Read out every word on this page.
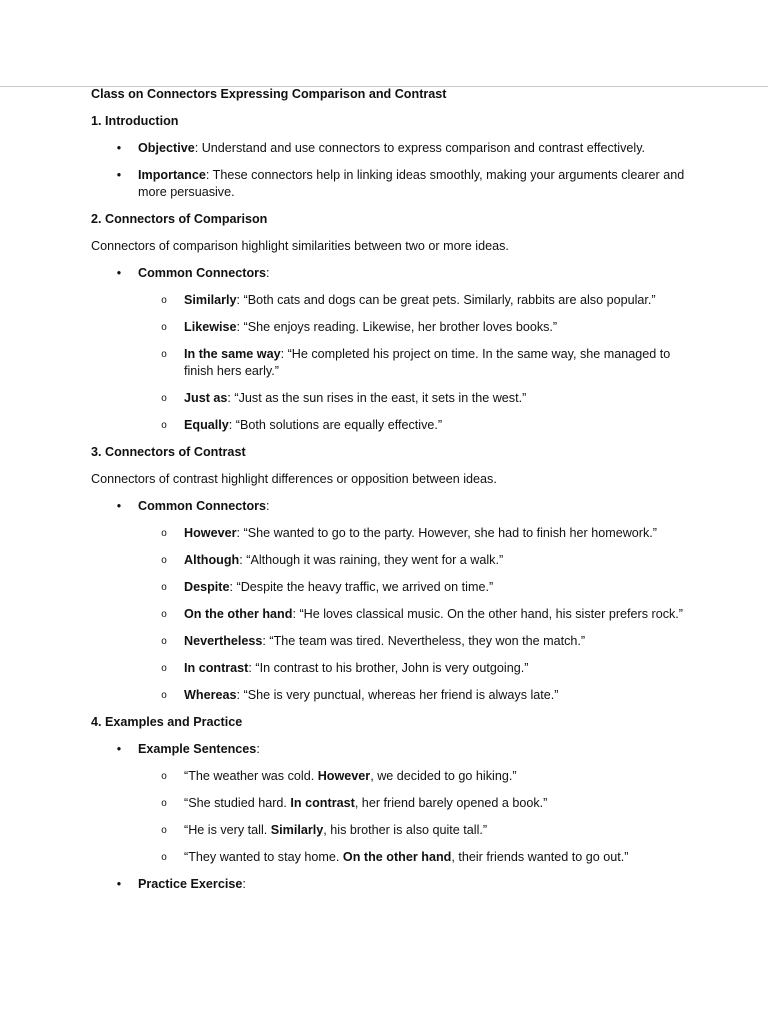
Class on Connectors Expressing Comparison and Contrast

1. Introduction

• Objective: Understand and use connectors to express comparison and contrast effectively.
• Importance: These connectors help in linking ideas smoothly, making your arguments clearer and more persuasive.

2. Connectors of Comparison

Connectors of comparison highlight similarities between two or more ideas.

• Common Connectors:
o Similarly: “Both cats and dogs can be great pets. Similarly, rabbits are also popular.”
o Likewise: “She enjoys reading. Likewise, her brother loves books.”
o In the same way: “He completed his project on time. In the same way, she managed to finish hers early.”
o Just as: “Just as the sun rises in the east, it sets in the west.”
o Equally: “Both solutions are equally effective.”

3. Connectors of Contrast

Connectors of contrast highlight differences or opposition between ideas.

• Common Connectors:
o However: “She wanted to go to the party. However, she had to finish her homework.”
o Although: “Although it was raining, they went for a walk.”
o Despite: “Despite the heavy traffic, we arrived on time.”
o On the other hand: “He loves classical music. On the other hand, his sister prefers rock.”
o Nevertheless: “The team was tired. Nevertheless, they won the match.”
o In contrast: “In contrast to his brother, John is very outgoing.”
o Whereas: “She is very punctual, whereas her friend is always late.”

4. Examples and Practice

• Example Sentences:
o “The weather was cold. However, we decided to go hiking.”
o “She studied hard. In contrast, her friend barely opened a book.”
o “He is very tall. Similarly, his brother is also quite tall.”
o “They wanted to stay home. On the other hand, their friends wanted to go out.”
• Practice Exercise:
